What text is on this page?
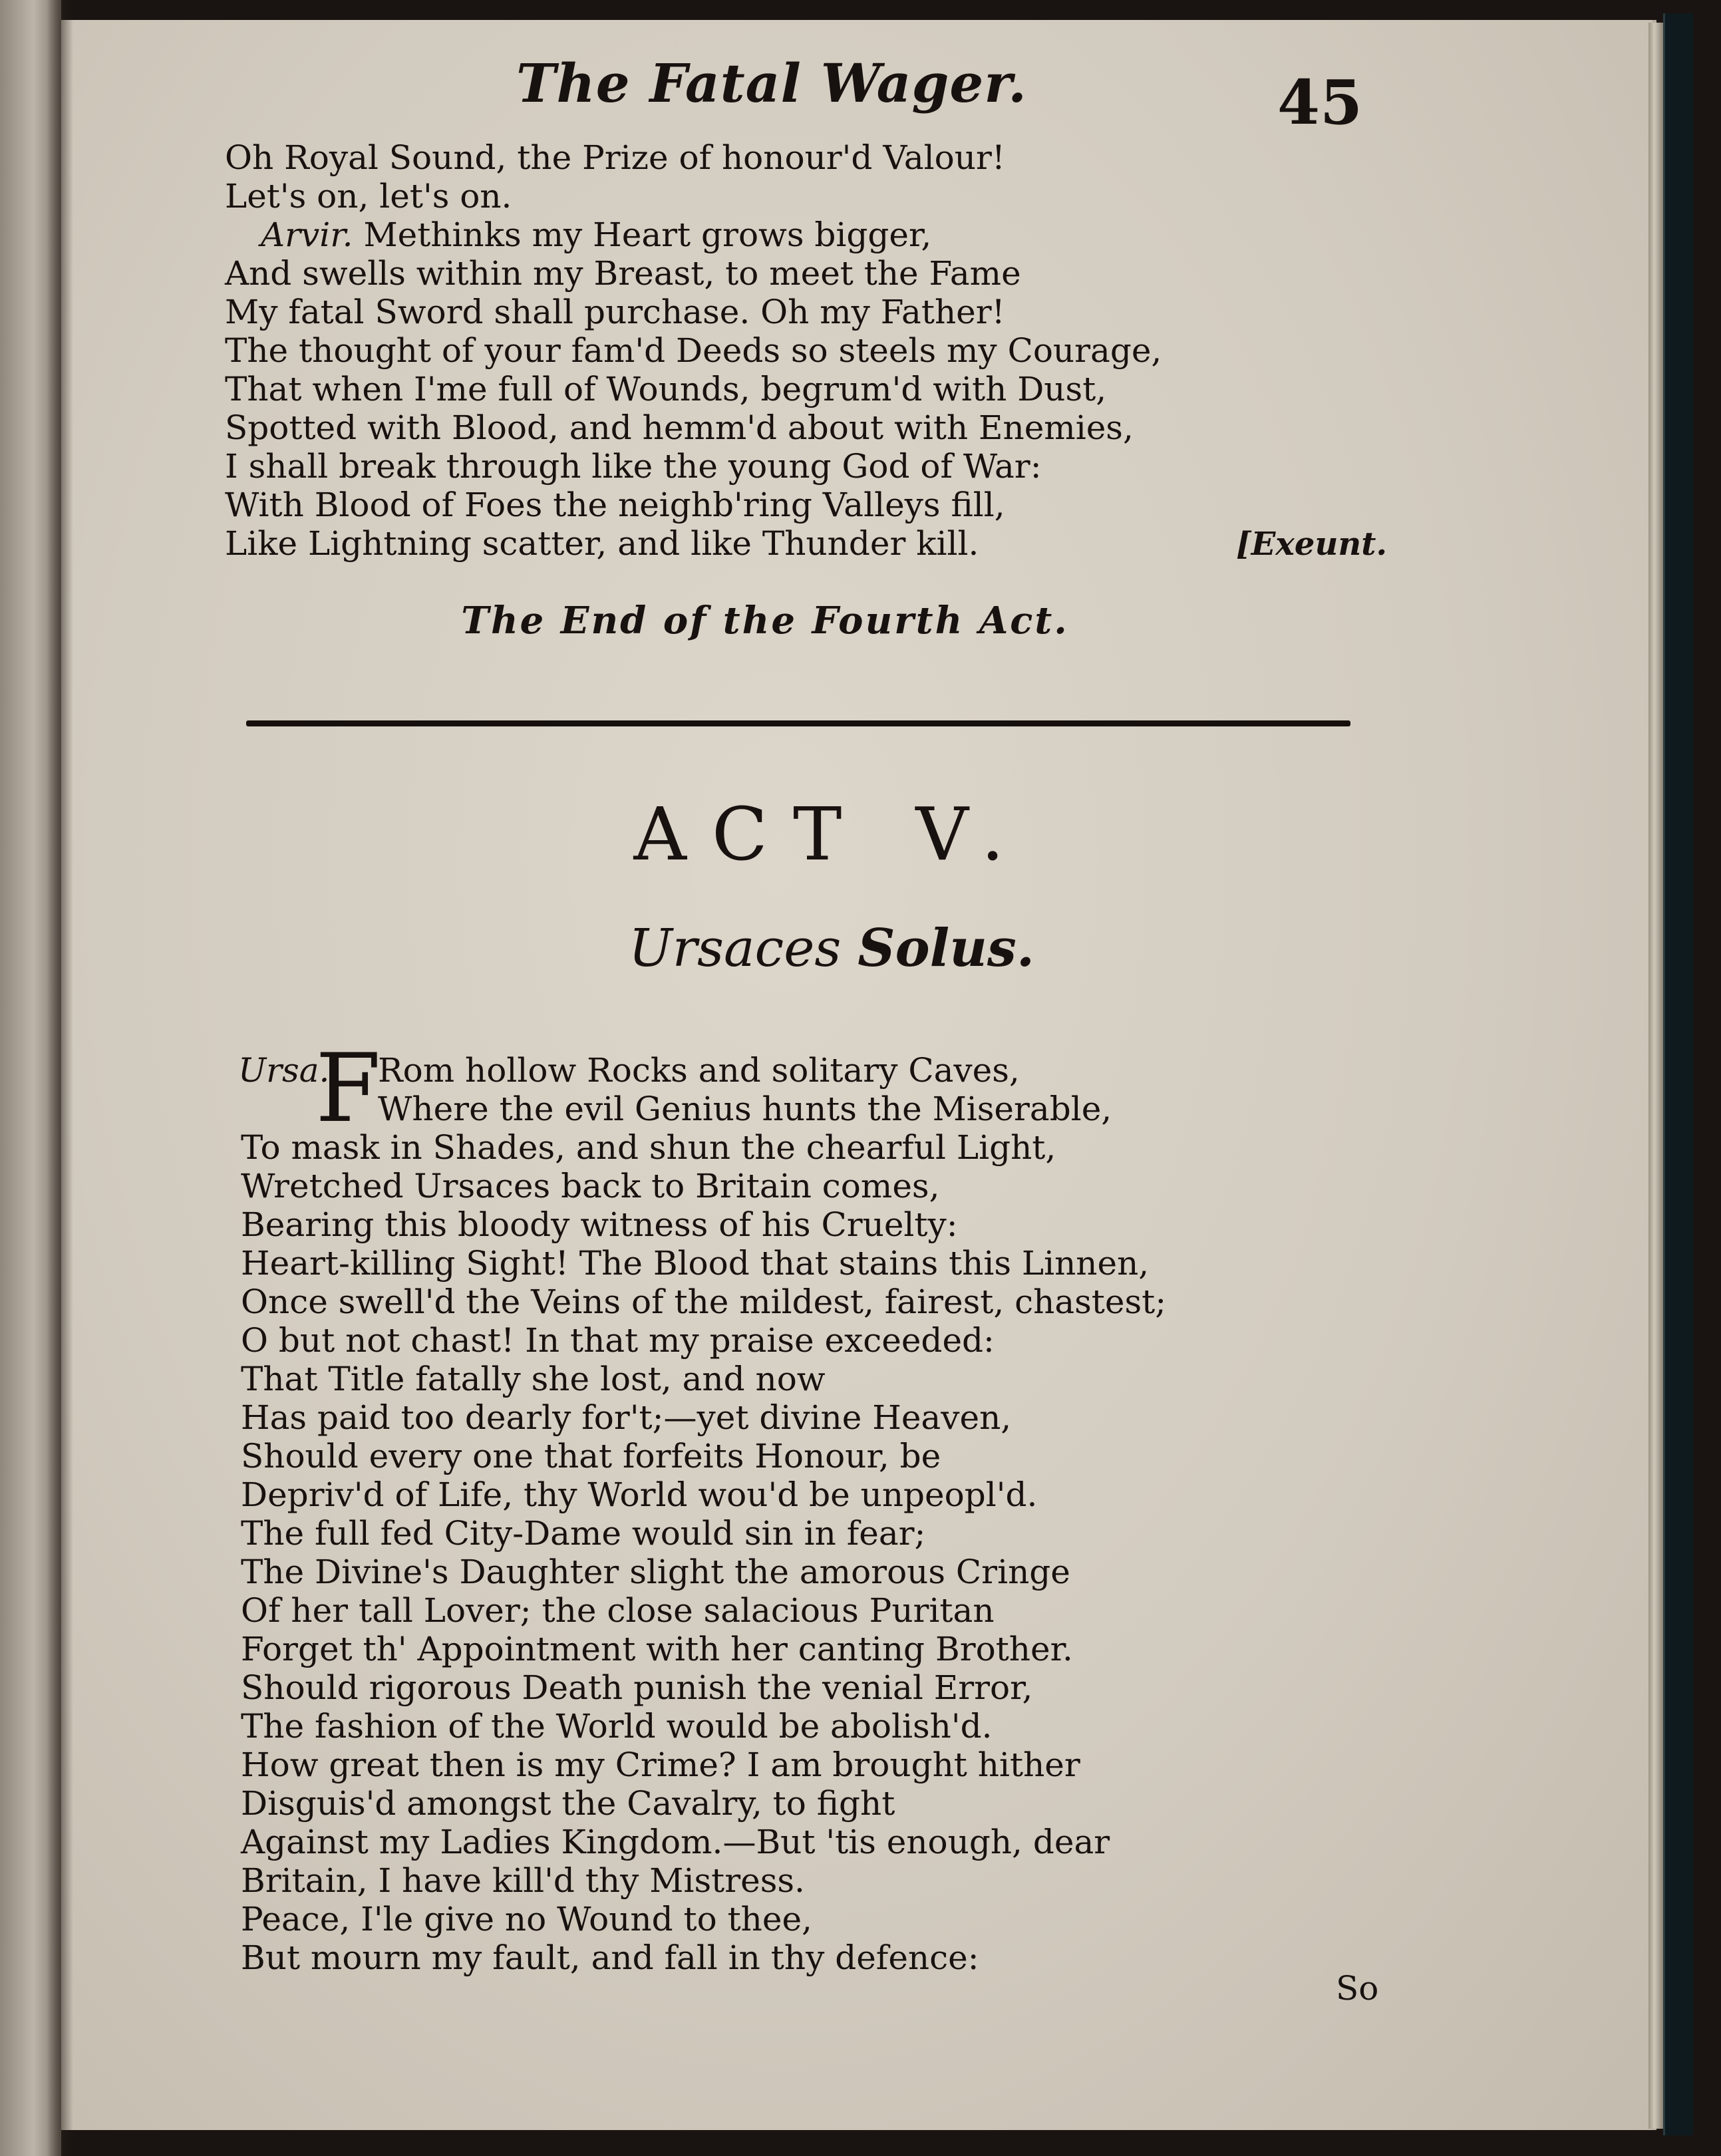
The Fatal Wager.	45
Oh Royal Sound, the Prize of honour'd Valour!
Let's on, let's on.
Arvir. Methinks my Heart grows bigger,
And swells within my Breast, to meet the Fame
My fatal Sword shall purchase. Oh my Father!
The thought of your fam'd Deeds so steels my Courage,
That when I'me full of Wounds, begrum'd with Dust,
Spotted with Blood, and hemm'd about with Enemies,
I shall break through like the young God of War:
With Blood of Foes the neighb'ring Valleys fill,
Like Lightning scatter, and like Thunder kill.	[Exeunt.
The End of the Fourth Act.
ACT V.
Ursaces Solus.
Ursa.
F
Rom hollow Rocks and solitary Caves,
Where the evil Genius hunts the Miserable,
To mask in Shades, and shun the chearful Light,
Wretched Ursaces back to Britain comes,
Bearing this bloody witness of his Cruelty:
Heart-killing Sight! The Blood that stains this Linnen,
Once swell'd the Veins of the mildest, fairest, chastest;
O but not chast! In that my praise exceeded:
That Title fatally she lost, and now
Has paid too dearly for't;—yet divine Heaven,
Should every one that forfeits Honour, be
Depriv'd of Life, thy World wou'd be unpeopl'd.
The full fed City-Dame would sin in fear;
The Divine's Daughter slight the amorous Cringe
Of her tall Lover; the close salacious Puritan
Forget th' Appointment with her canting Brother.
Should rigorous Death punish the venial Error,
The fashion of the World would be abolish'd.
How great then is my Crime? I am brought hither
Disguis'd amongst the Cavalry, to fight
Against my Ladies Kingdom.—But 'tis enough, dear
Britain, I have kill'd thy Mistress.
Peace, I'le give no Wound to thee,
But mourn my fault, and fall in thy defence:
So
